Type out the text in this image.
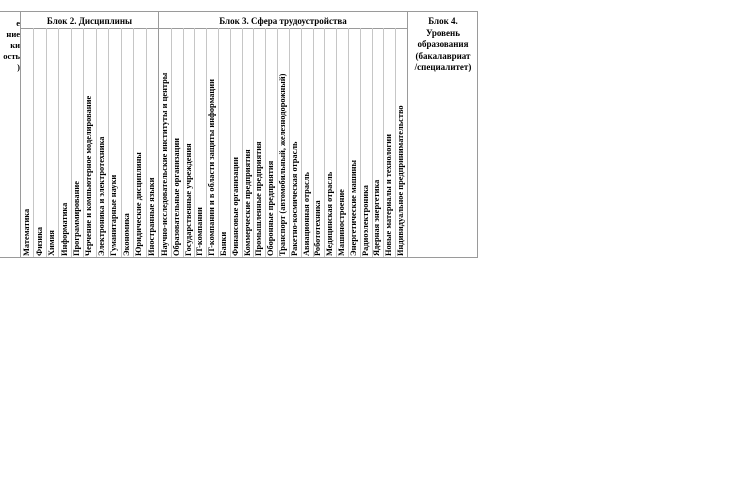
е
ние
ки
ость
)
Блок 2. Дисциплины	Блок 3. Сфера трудоустройства	Блок 4.
Уровень
образования
(бакалавриат
/специалитет)
Математика Физика Химия Информатика Программирование Черчение и компьютерное моделирование Электроника и электротехника Гуманитарные науки Экономика Юридические дисциплины Иностранные языки Научно-исследовательские институты и центры Образовательные организации Государственные учреждения IT-компании IT-компании и в области защиты информации Банки Финансовые организации Коммерческие предприятия Промышленные предприятия Оборонные предприятия Транспорт (автомобильный, железнодорожный) Ракетно-космическая отрасль Авиационная отрасль Робототехника Медицинская отрасль Машиностроение Энергетические машины Радиоэлектроника Ядерная энергетика Новые материалы и технологии Индивидуальное предпринимательство
